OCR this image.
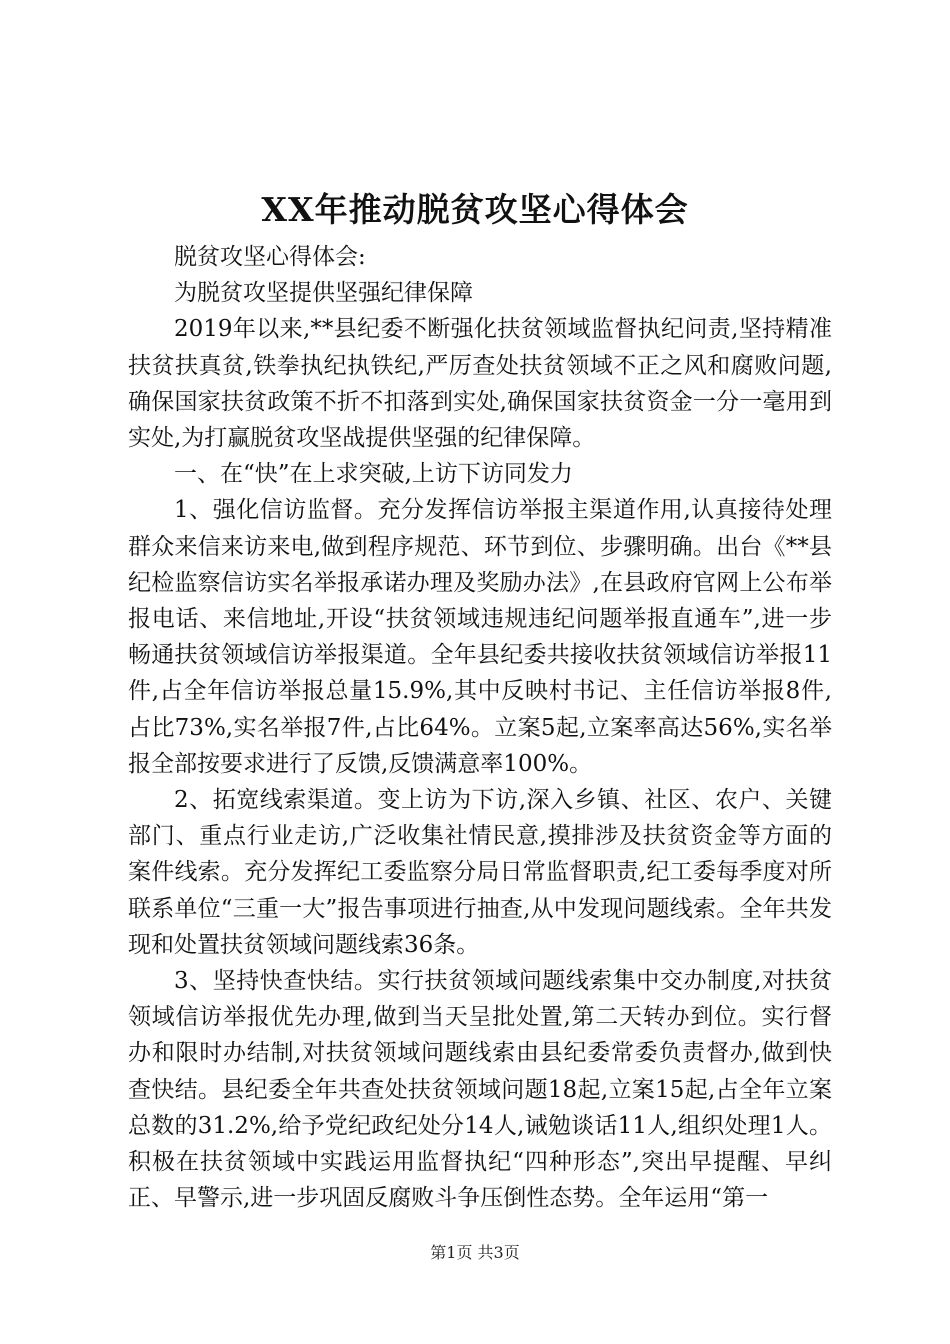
XX年推动脱贫攻坚心得体会

脱贫攻坚心得体会:

为脱贫攻坚提供坚强纪律保障

2019年以来,**县纪委不断强化扶贫领域监督执纪问责,坚持精准扶贫扶真贫,铁拳执纪执铁纪,严厉查处扶贫领域不正之风和腐败问题,确保国家扶贫政策不折不扣落到实处,确保国家扶贫资金一分一毫用到实处,为打赢脱贫攻坚战提供坚强的纪律保障。

一、在“快”在上求突破,上访下访同发力

1、强化信访监督。充分发挥信访举报主渠道作用,认真接待处理群众来信来访来电,做到程序规范、环节到位、步骤明确。出台《**县纪检监察信访实名举报承诺办理及奖励办法》,在县政府官网上公布举报电话、来信地址,开设“扶贫领域违规违纪问题举报直通车”,进一步畅通扶贫领域信访举报渠道。全年县纪委共接收扶贫领域信访举报11件,占全年信访举报总量15.9%,其中反映村书记、主任信访举报8件,占比73%,实名举报7件,占比64%。立案5起,立案率高达56%,实名举报全部按要求进行了反馈,反馈满意率100%。

2、拓宽线索渠道。变上访为下访,深入乡镇、社区、农户、关键部门、重点行业走访,广泛收集社情民意,摸排涉及扶贫资金等方面的案件线索。充分发挥纪工委监察分局日常监督职责,纪工委每季度对所联系单位“三重一大”报告事项进行抽查,从中发现问题线索。全年共发现和处置扶贫领域问题线索36条。

3、坚持快查快结。实行扶贫领域问题线索集中交办制度,对扶贫领域信访举报优先办理,做到当天呈批处置,第二天转办到位。实行督办和限时办结制,对扶贫领域问题线索由县纪委常委负责督办,做到快查快结。县纪委全年共查处扶贫领域问题18起,立案15起,占全年立案总数的31.2%,给予党纪政纪处分14人,诫勉谈话11人,组织处理1人。积极在扶贫领域中实践运用监督执纪“四种形态”,突出早提醒、早纠正、早警示,进一步巩固反腐败斗争压倒性态势。全年运用“第一

第1页 共3页
